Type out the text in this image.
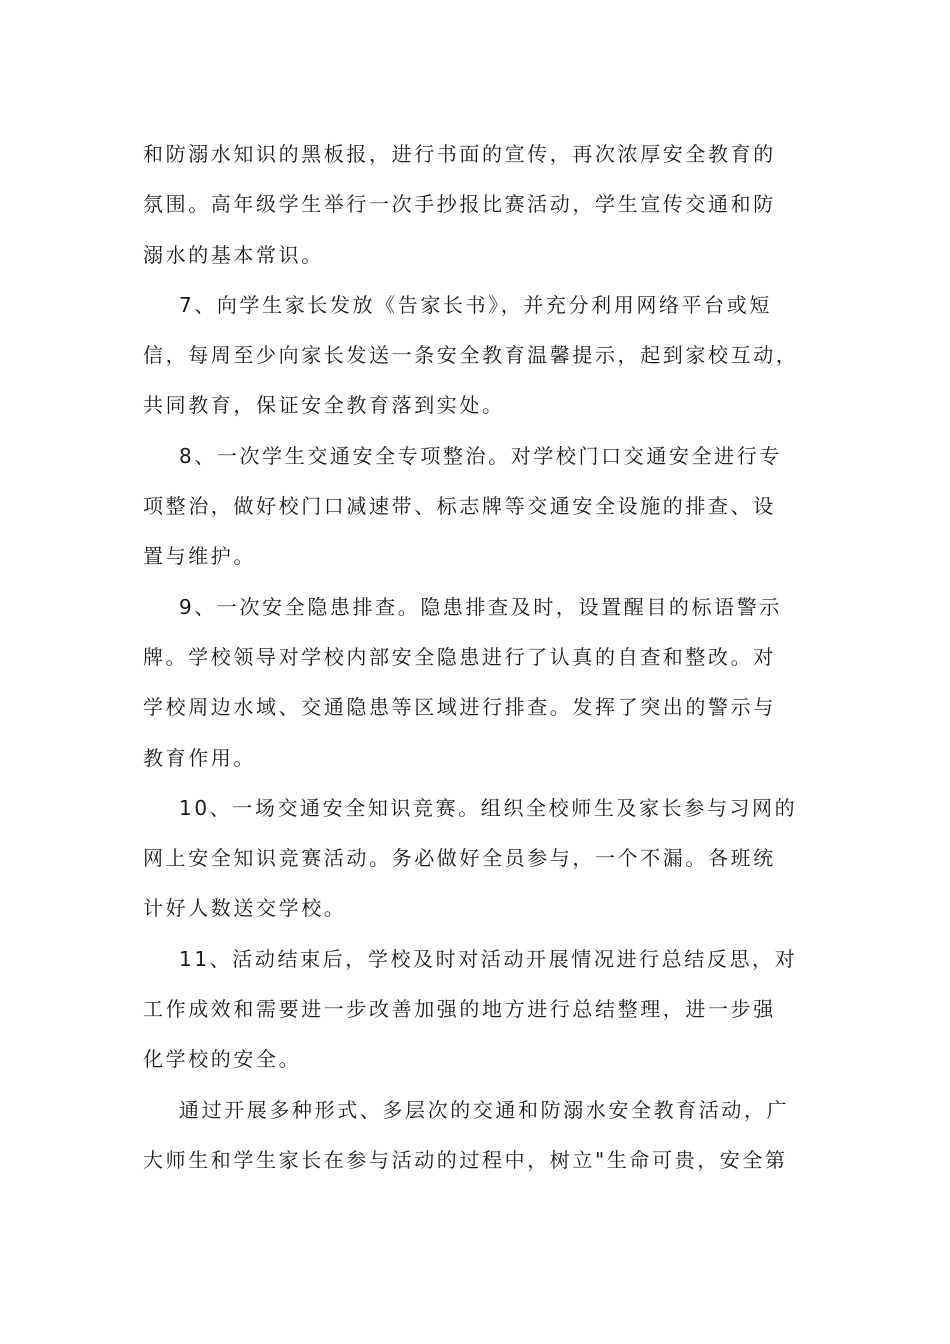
和防溺水知识的黑板报，进行书面的宣传，再次浓厚安全教育的
氛围。高年级学生举行一次手抄报比赛活动，学生宣传交通和防
溺水的基本常识。
7、向学生家长发放《告家长书》，并充分利用网络平台或短
信，每周至少向家长发送一条安全教育温馨提示，起到家校互动，
共同教育，保证安全教育落到实处。
8、一次学生交通安全专项整治。对学校门口交通安全进行专
项整治，做好校门口减速带、标志牌等交通安全设施的排查、设
置与维护。
9、一次安全隐患排查。隐患排查及时，设置醒目的标语警示
牌。学校领导对学校内部安全隐患进行了认真的自查和整改。对
学校周边水域、交通隐患等区域进行排查。发挥了突出的警示与
教育作用。
10、一场交通安全知识竞赛。组织全校师生及家长参与习网的
网上安全知识竞赛活动。务必做好全员参与，一个不漏。各班统
计好人数送交学校。
11、活动结束后，学校及时对活动开展情况进行总结反思，对
工作成效和需要进一步改善加强的地方进行总结整理，进一步强
化学校的安全。
通过开展多种形式、多层次的交通和防溺水安全教育活动，广
大师生和学生家长在参与活动的过程中，树立"生命可贵，安全第
